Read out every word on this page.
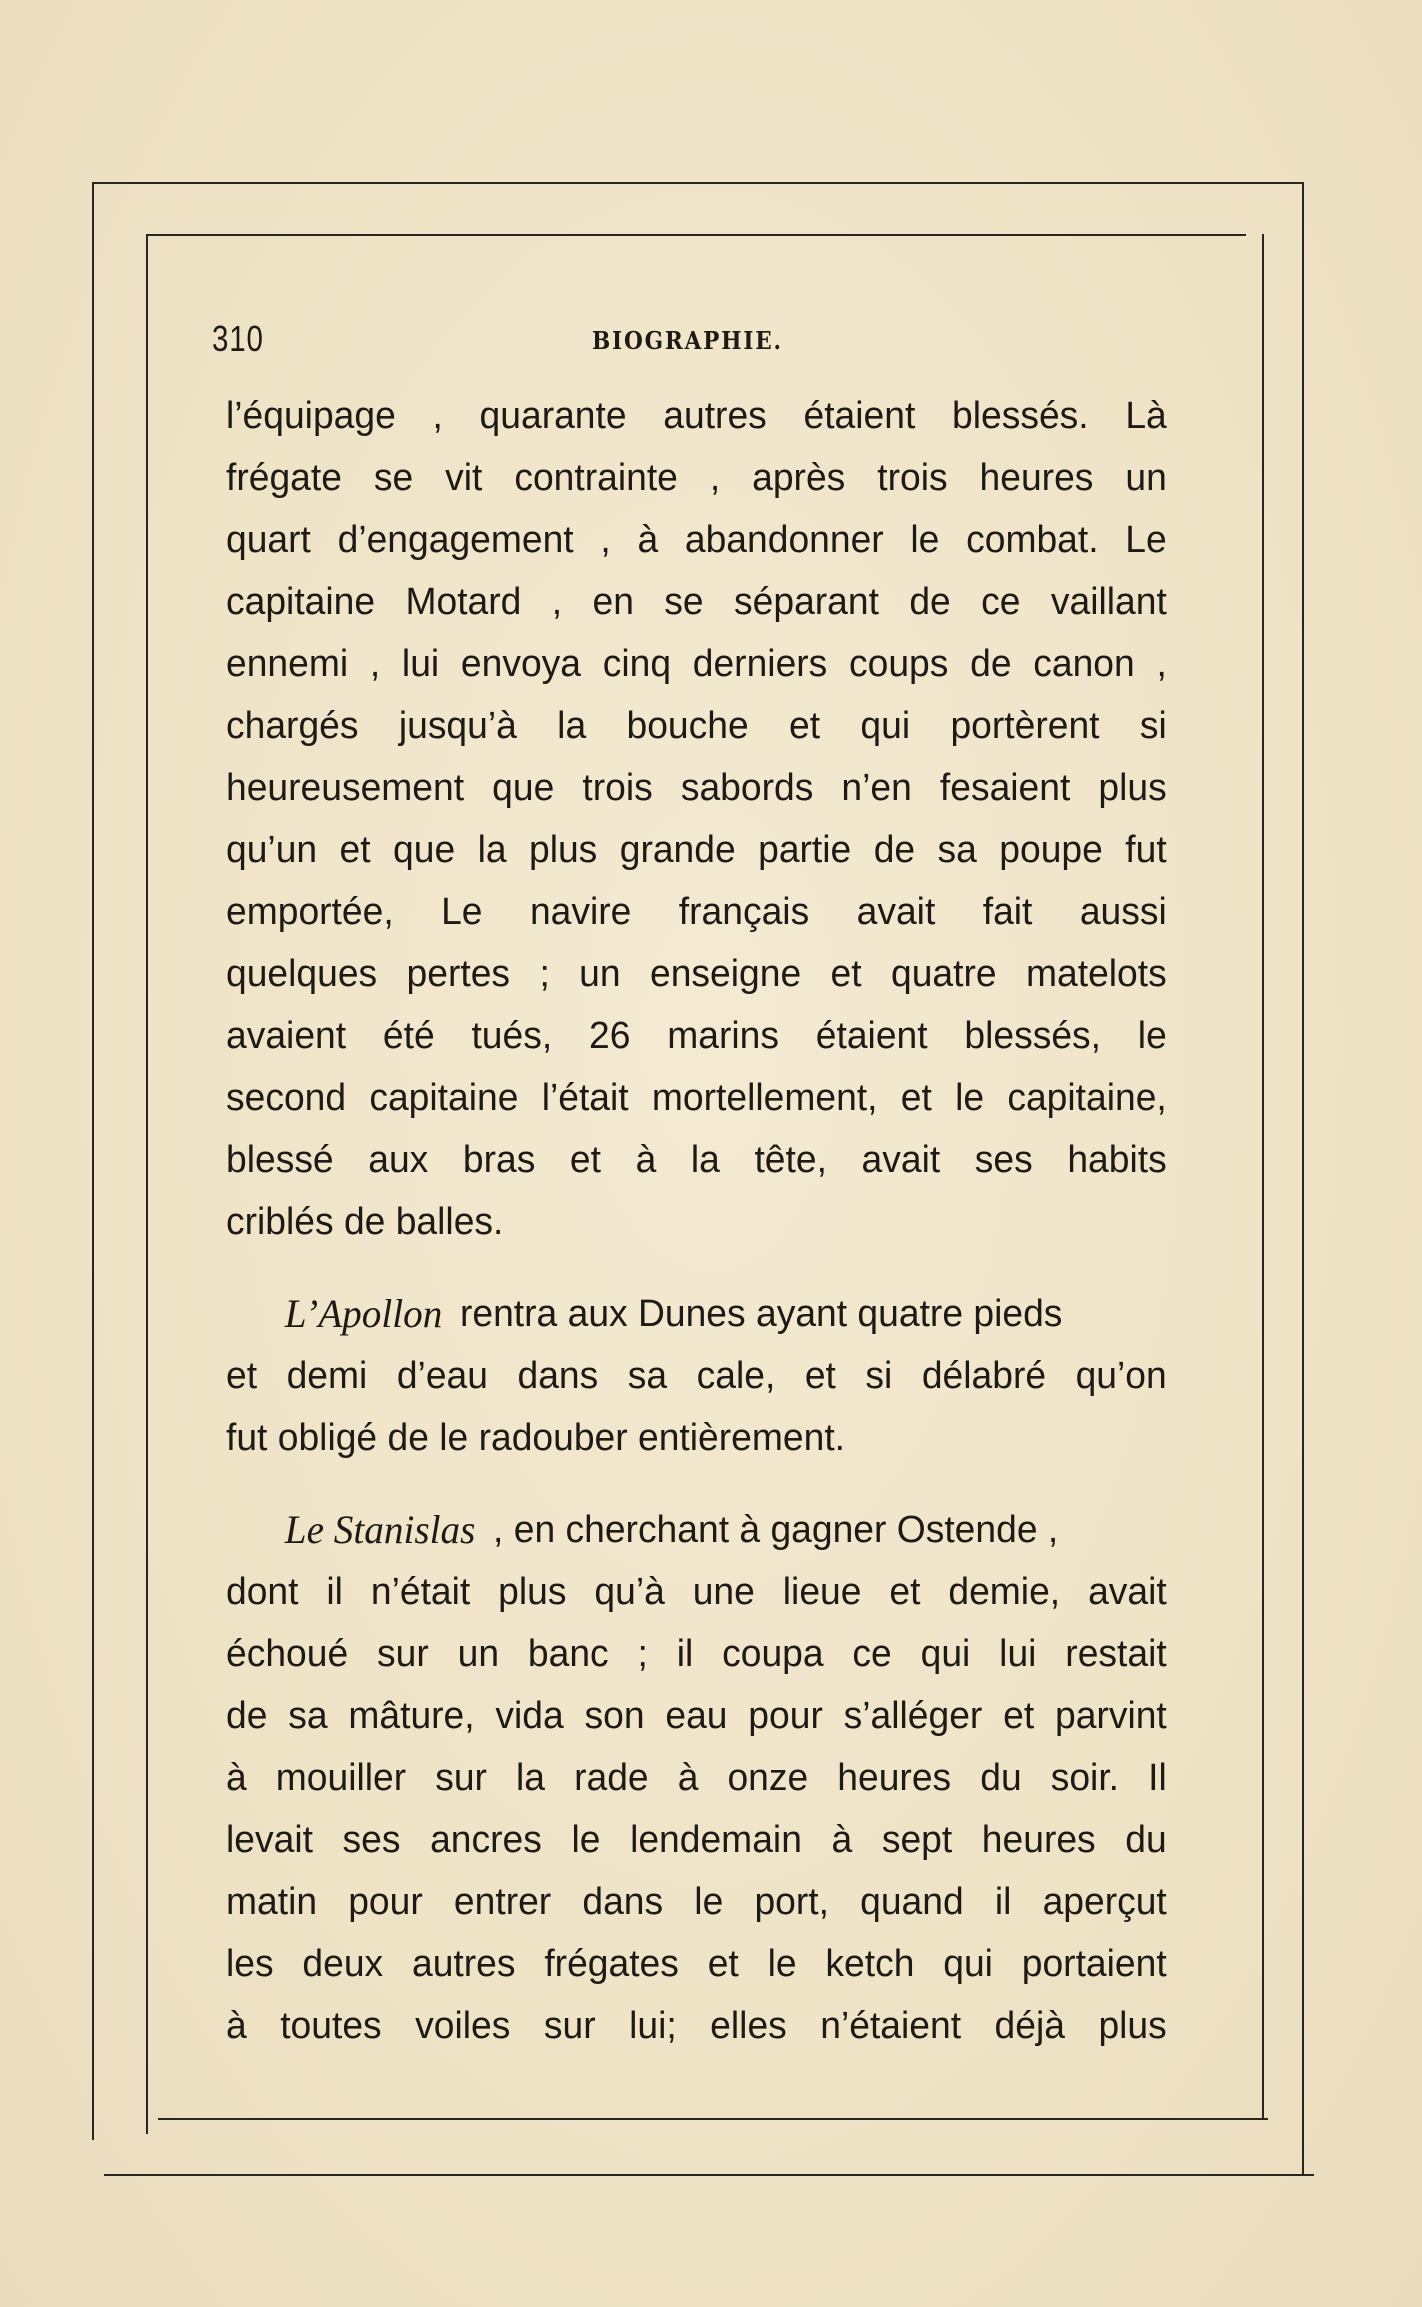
310	BIOGRAPHIE.
l’équipage , quarante autres étaient blessés. Là
frégate se vit contrainte , après trois heures un
quart d’engagement , à abandonner le combat. Le
capitaine Motard , en se séparant de ce vaillant
ennemi , lui envoya cinq derniers coups de canon ,
chargés jusqu’à la bouche et qui portèrent si
heureusement que trois sabords n’en fesaient plus
qu’un et que la plus grande partie de sa poupe fut
emportée, Le navire français avait fait aussi
quelques pertes ; un enseigne et quatre matelots
avaient été tués, 26 marins étaient blessés, le
second capitaine l’était mortellement, et le capitaine,
blessé aux bras et à la tête, avait ses habits
criblés de balles.
L’Apollon rentra aux Dunes ayant quatre pieds
et demi d’eau dans sa cale, et si délabré qu’on
fut obligé de le radouber entièrement.
Le Stanislas , en cherchant à gagner Ostende ,
dont il n’était plus qu’à une lieue et demie, avait
échoué sur un banc ; il coupa ce qui lui restait
de sa mâture, vida son eau pour s’alléger et parvint
à mouiller sur la rade à onze heures du soir. Il
levait ses ancres le lendemain à sept heures du
matin pour entrer dans le port, quand il aperçut
les deux autres frégates et le ketch qui portaient
à toutes voiles sur lui; elles n’étaient déjà plus
